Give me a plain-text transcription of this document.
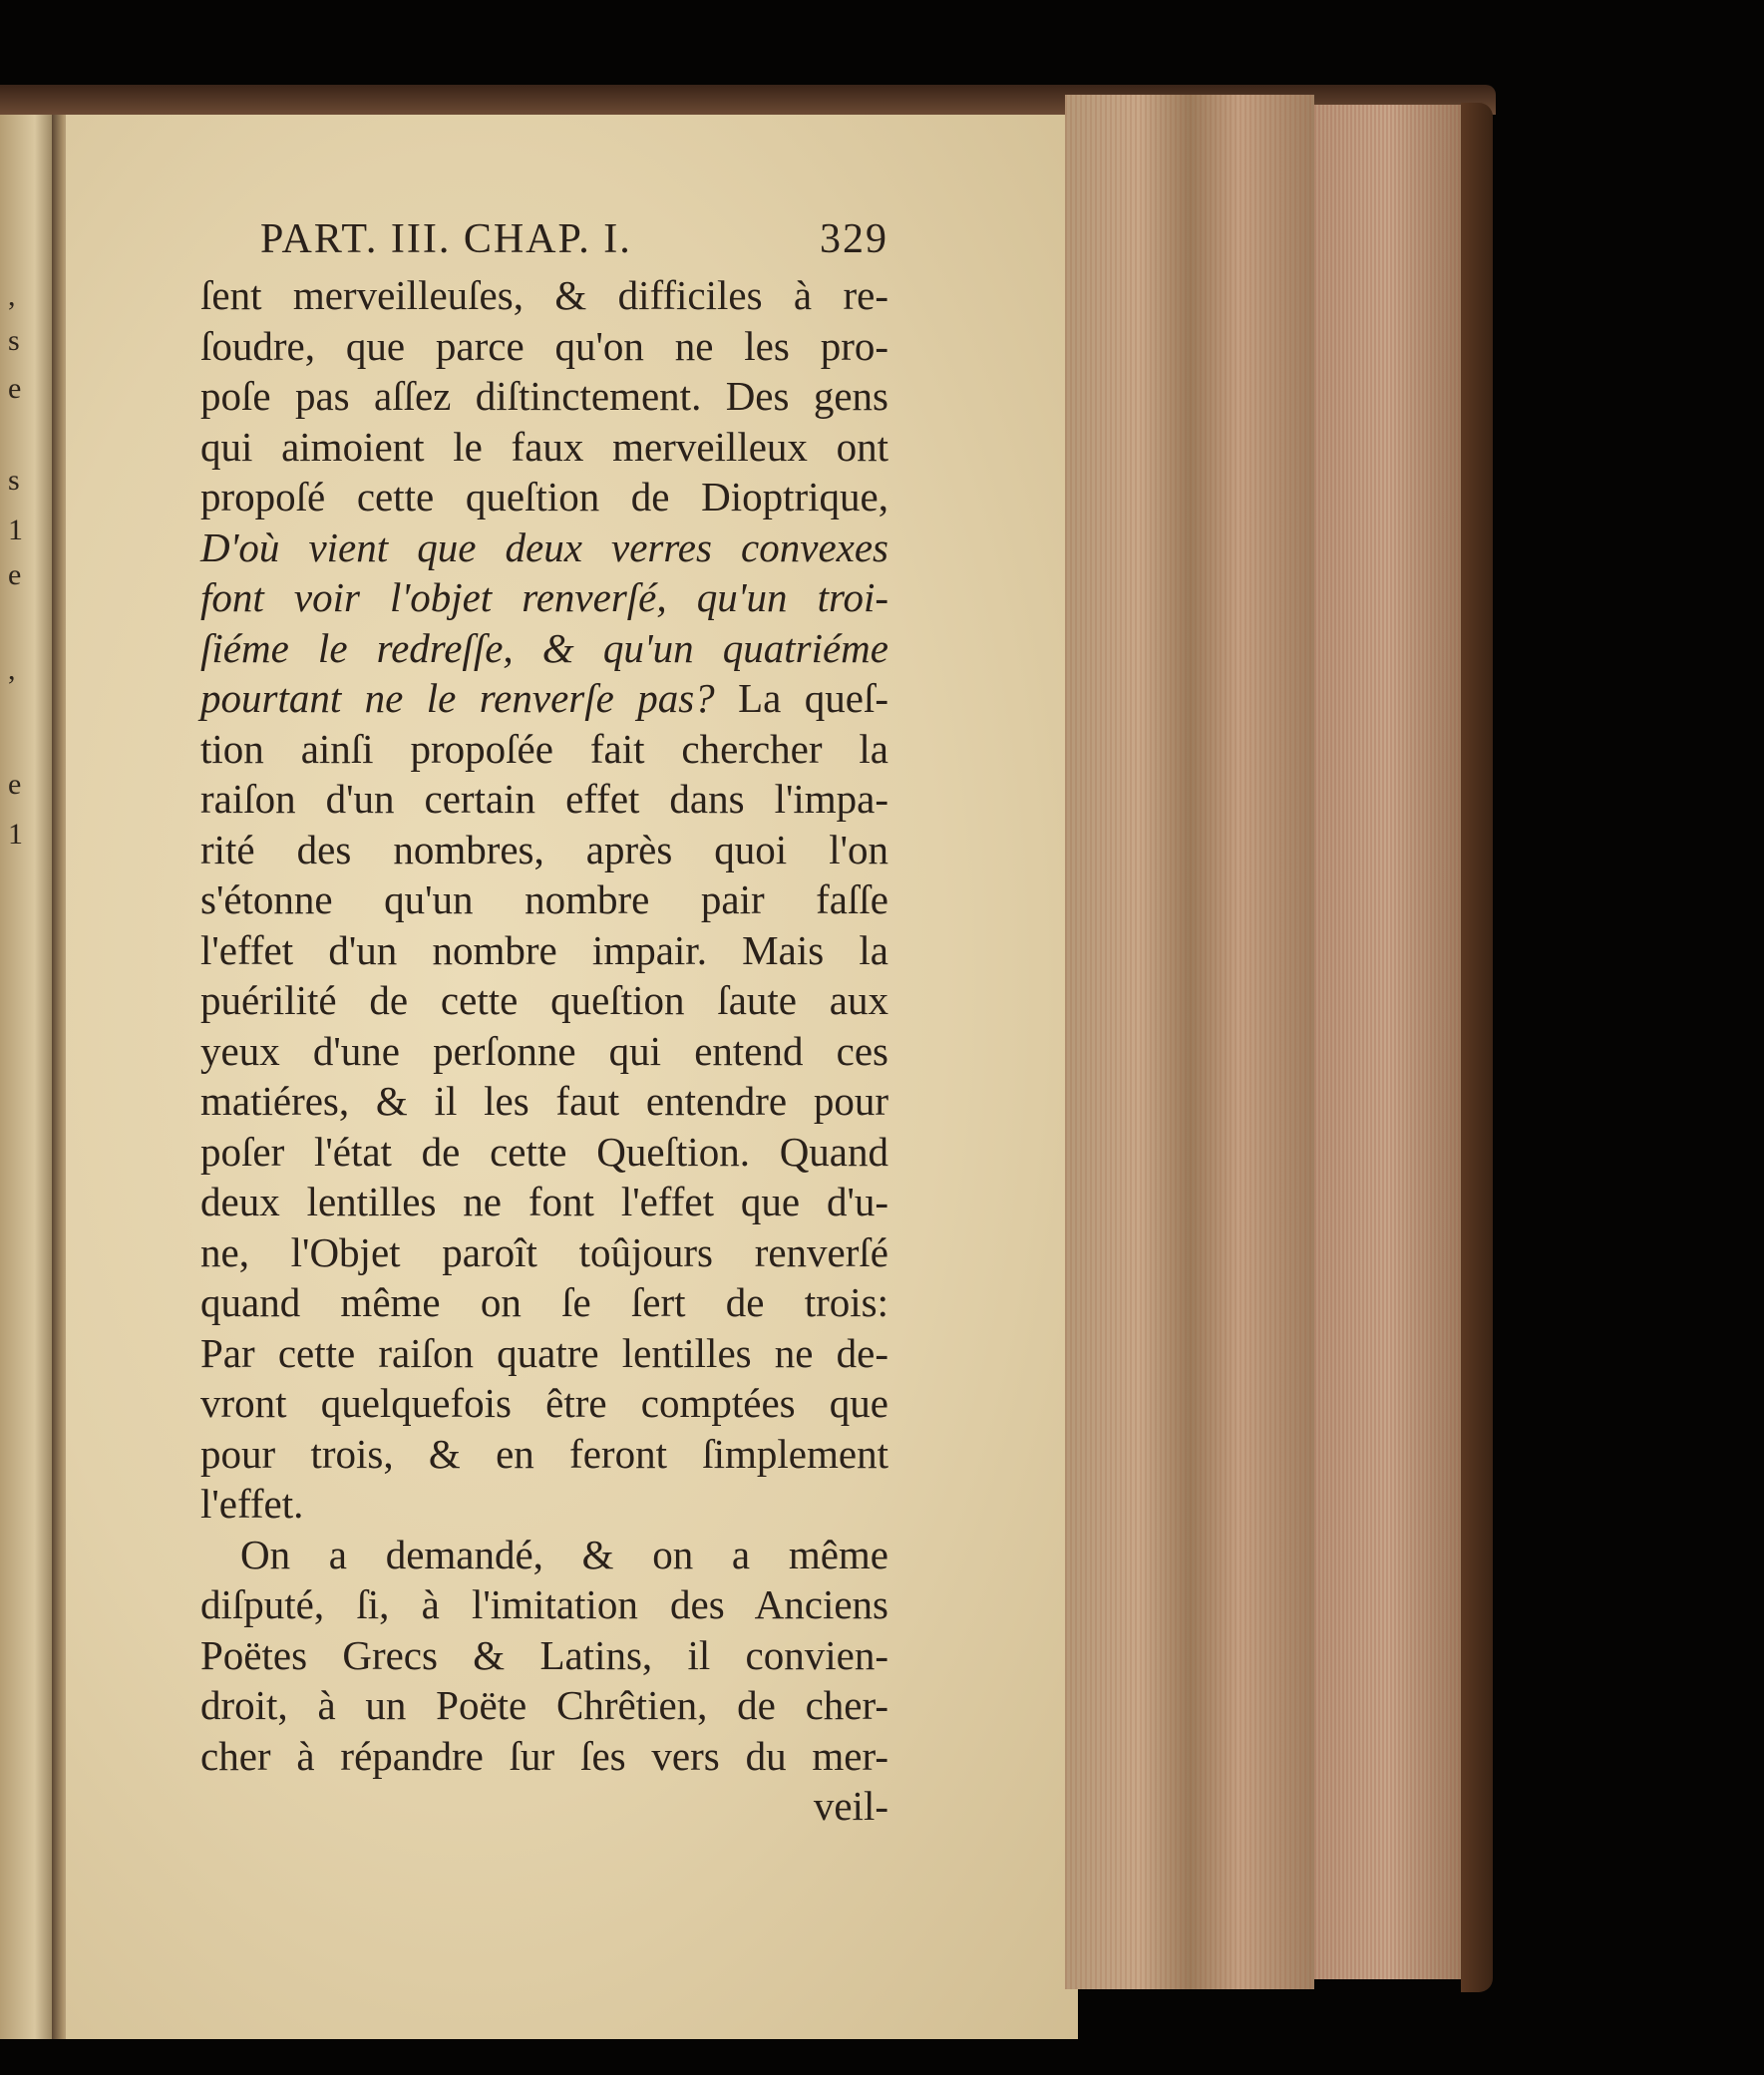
,
s
e
s
1
e
,
e
1
PART. III. CHAP. I.	329
ſent merveilleuſes, & difficiles à re-
ſoudre, que parce qu'on ne les pro-
poſe pas aſſez diſtinctement. Des gens
qui aimoient le faux merveilleux ont
propoſé cette queſtion de Dioptrique,
D'où vient que deux verres convexes
font voir l'objet renverſé, qu'un troi-
ſiéme le redreſſe, & qu'un quatriéme
pourtant ne le renverſe pas? La queſ-
tion ainſi propoſée fait chercher la
raiſon d'un certain effet dans l'impa-
rité des nombres, après quoi l'on
s'étonne qu'un nombre pair faſſe
l'effet d'un nombre impair. Mais la
puérilité de cette queſtion ſaute aux
yeux d'une perſonne qui entend ces
matiéres, & il les faut entendre pour
poſer l'état de cette Queſtion. Quand
deux lentilles ne font l'effet que d'u-
ne, l'Objet paroît toûjours renverſé
quand même on ſe ſert de trois:
Par cette raiſon quatre lentilles ne de-
vront quelquefois être comptées que
pour trois, & en feront ſimplement
l'effet.
On a demandé, & on a même
diſputé, ſi, à l'imitation des Anciens
Poëtes Grecs & Latins, il convien-
droit, à un Poëte Chrêtien, de cher-
cher à répandre ſur ſes vers du mer-
veil-
